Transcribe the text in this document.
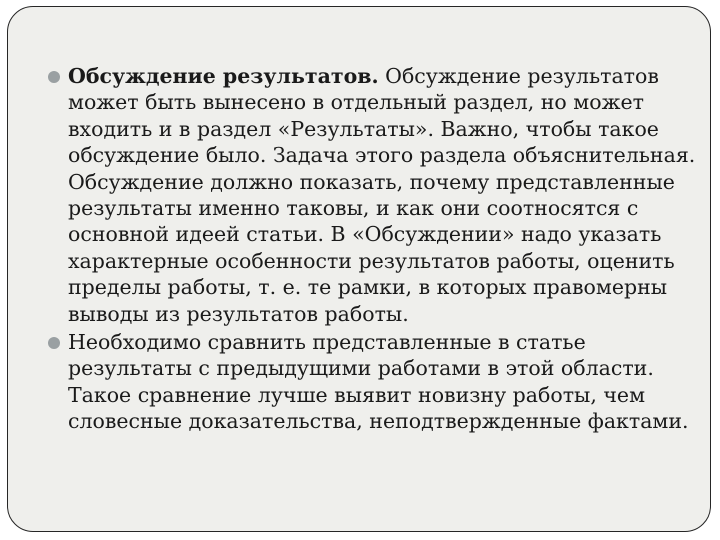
Обсуждение результатов. Обсуждение результатов может быть вынесено в отдельный раздел, но может входить и в раздел «Результаты». Важно, чтобы такое обсуждение было. Задача этого раздела объяснительная. Обсуждение должно показать, почему представленные результаты именно таковы, и как они соотносятся с основной идеей статьи. В «Обсуждении» надо указать характерные особенности результатов работы, оценить пределы работы, т. е. те рамки, в которых правомерны выводы из результатов работы.
Необходимо сравнить представленные в статье результаты с предыдущими работами в этой области. Такое сравнение лучше выявит новизну работы, чем словесные доказательства, неподтвержденные фактами.
